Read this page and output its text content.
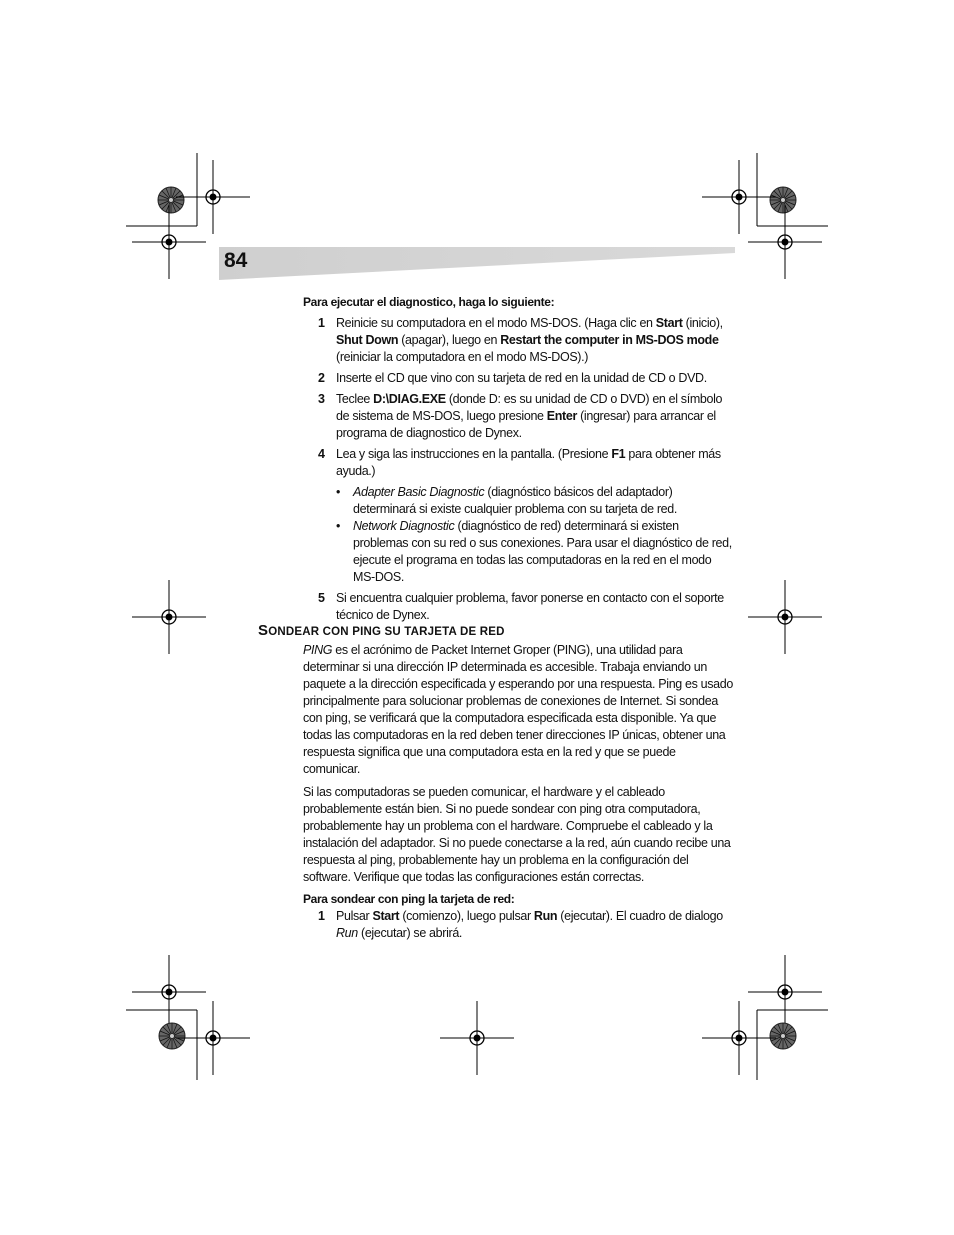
84

Para ejecutar el diagnostico, haga lo siguiente:

1 Reinicie su computadora en el modo MS-DOS. (Haga clic en Start (inicio), Shut Down (apagar), luego en Restart the computer in MS-DOS mode (reiniciar la computadora en el modo MS-DOS).)
2 Inserte el CD que vino con su tarjeta de red en la unidad de CD o DVD.
3 Teclee D:\DIAG.EXE (donde D: es su unidad de CD o DVD) en el símbolo de sistema de MS-DOS, luego presione Enter (ingresar) para arrancar el programa de diagnostico de Dynex.
4 Lea y siga las instrucciones en la pantalla. (Presione F1 para obtener más ayuda.)
• Adapter Basic Diagnostic (diagnóstico básicos del adaptador) determinará si existe cualquier problema con su tarjeta de red.
• Network Diagnostic (diagnóstico de red) determinará si existen problemas con su red o sus conexiones. Para usar el diagnóstico de red, ejecute el programa en todas las computadoras en la red en el modo MS-DOS.
5 Si encuentra cualquier problema, favor ponerse en contacto con el soporte técnico de Dynex.
SONDEAR CON PING SU TARJETA DE RED

PING es el acrónimo de Packet Internet Groper (PING), una utilidad para determinar si una dirección IP determinada es accesible. Trabaja enviando un paquete a la dirección especificada y esperando por una respuesta. Ping es usado principalmente para solucionar problemas de conexiones de Internet. Si sondea con ping, se verificará que la computadora especificada esta disponible. Ya que todas las computadoras en la red deben tener direcciones IP únicas, obtener una respuesta significa que una computadora esta en la red y que se puede comunicar.

Si las computadoras se pueden comunicar, el hardware y el cableado probablemente están bien. Si no puede sondear con ping otra computadora, probablemente hay un problema con el hardware. Compruebe el cableado y la instalación del adaptador. Si no puede conectarse a la red, aún cuando recibe una respuesta al ping, probablemente hay un problema en la configuración del software. Verifique que todas las configuraciones están correctas.

Para sondear con ping la tarjeta de red:

1 Pulsar Start (comienzo), luego pulsar Run (ejecutar). El cuadro de dialogo Run (ejecutar) se abrirá.
